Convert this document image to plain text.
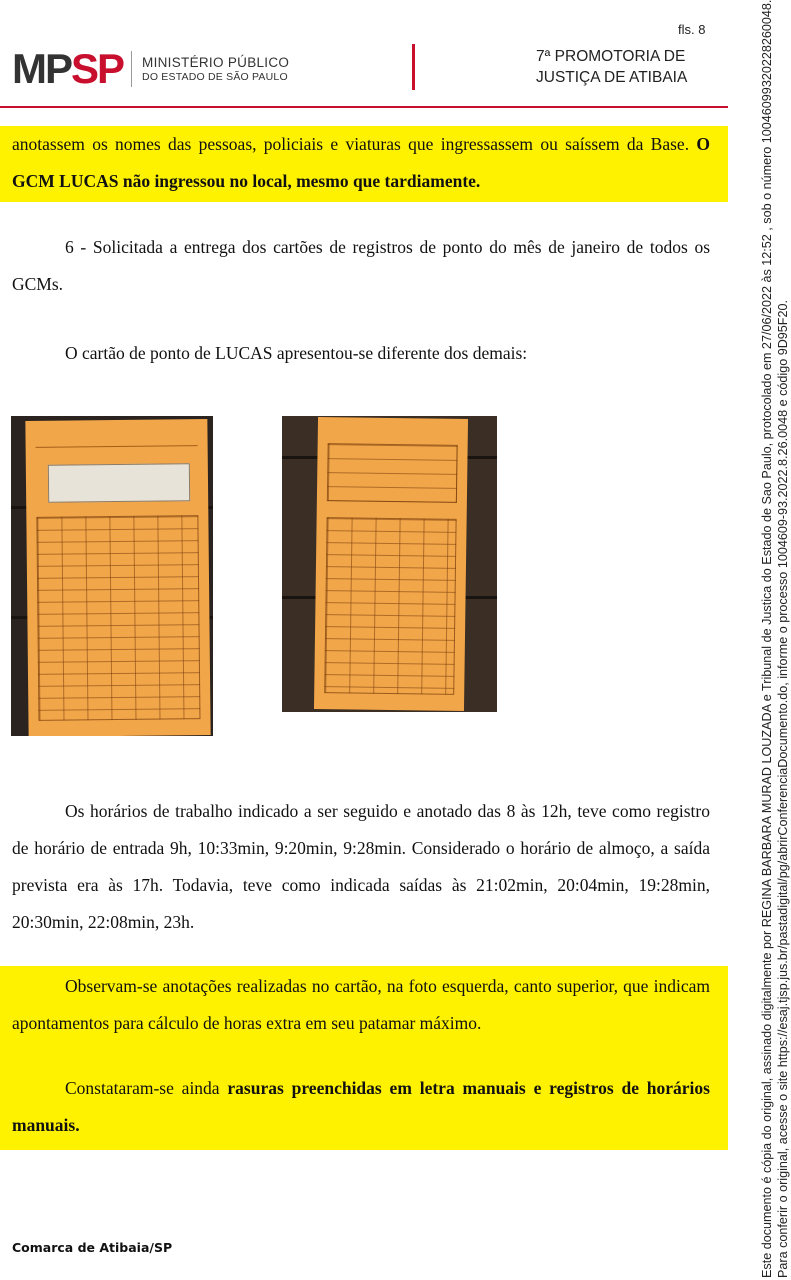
fls. 8
MPSP MINISTÉRIO PÚBLICO
DO ESTADO DE SÃO PAULO
7ª PROMOTORIA DE
JUSTIÇA DE ATIBAIA
anotassem os nomes das pessoas, policiais e viaturas que ingressassem ou saíssem da Base. O GCM LUCAS não ingressou no local, mesmo que tardiamente.
6 - Solicitada a entrega dos cartões de registros de ponto do mês de janeiro de todos os GCMs.
O cartão de ponto de LUCAS apresentou-se diferente dos demais:
Os horários de trabalho indicado a ser seguido e anotado das 8 às 12h, teve como registro de horário de entrada 9h, 10:33min, 9:20min, 9:28min. Considerado o horário de almoço, a saída prevista era às 17h. Todavia, teve como indicada saídas às 21:02min, 20:04min, 19:28min, 20:30min, 22:08min, 23h.
Observam-se anotações realizadas no cartão, na foto esquerda, canto superior, que indicam apontamentos para cálculo de horas extra em seu patamar máximo.
Constataram-se ainda rasuras preenchidas em letra manuais e registros de horários manuais.
Comarca de Atibaia/SP	Este documento é cópia do original, assinado digitalmente por REGINA BARBARA MURAD LOUZADA e Tribunal de Justica do Estado de Sao Paulo, protocolado em 27/06/2022 às 12:52 , sob o número 10046099320228260048. Para conferir o original, acesse o site https://esaj.tjsp.jus.br/pastadigital/pg/abrirConferenciaDocumento.do, informe o processo 1004609-93.2022.8.26.0048 e código 9D95F20.
